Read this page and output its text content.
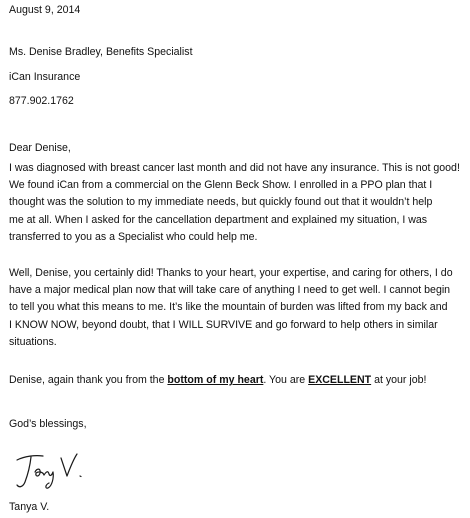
August 9, 2014
Ms. Denise Bradley, Benefits Specialist
iCan Insurance
877.902.1762
Dear Denise,

I was diagnosed with breast cancer last month and did not have any insurance. This is not good!
We found iCan from a commercial on the Glenn Beck Show. I enrolled in a PPO plan that I
thought was the solution to my immediate needs, but quickly found out that it wouldn’t help
me at all. When I asked for the cancellation department and explained my situation, I was
transferred to you as a Specialist who could help me.

Well, Denise, you certainly did! Thanks to your heart, your expertise, and caring for others, I do
have a major medical plan now that will take care of anything I need to get well. I cannot begin
to tell you what this means to me. It’s like the mountain of burden was lifted from my back and
I KNOW NOW, beyond doubt, that I WILL SURVIVE and go forward to help others in similar
situations.

Denise, again thank you from the bottom of my heart. You are EXCELLENT at your job!

God’s blessings,
Tanya V.
